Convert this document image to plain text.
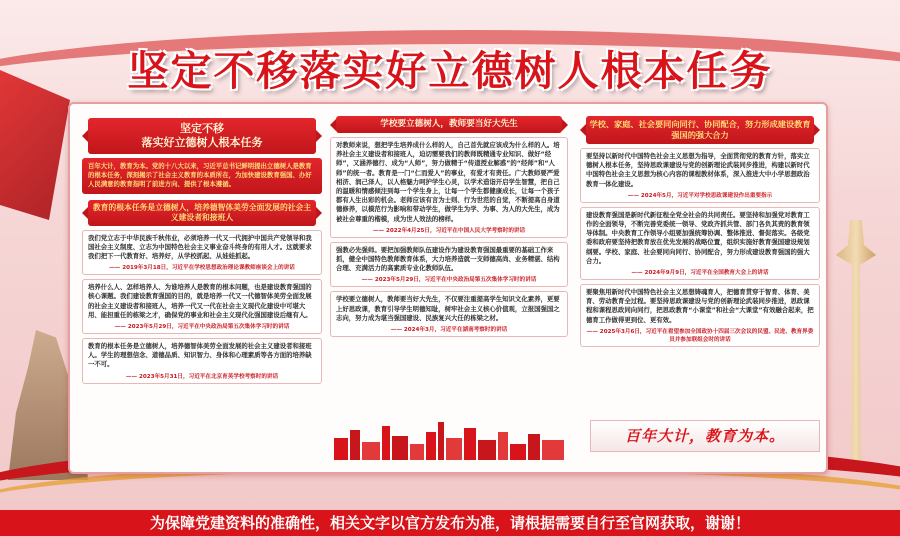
坚定不移落实好立德树人根本任务
坚定不移
落实好立德树人根本任务

百年大计，教育为本。党的十八大以来，习近平总书记鲜明提出立德树人是教育的根本任务，深刻揭示了社会主义教育的本质所在，为加快建设教育强国、办好人民满意的教育指明了前进方向、提供了根本遵循。

教育的根本任务是立德树人，培养德智体美劳全面发展的社会主义建设者和接班人

我们党立志于中华民族千秋伟业，必须培养一代又一代拥护中国共产党领导和我国社会主义制度、立志为中国特色社会主义事业奋斗终身的有用人才。这就要求我们把下一代教育好、培养好，从学校抓起、从娃娃抓起。

—— 2019年3月18日，习近平在学校思想政治理论课教师座谈会上的讲话

培养什么人、怎样培养人、为谁培养人是教育的根本问题，也是建设教育强国的核心课题。我们建设教育强国的目的，就是培养一代又一代德智体美劳全面发展的社会主义建设者和接班人，培养一代又一代在社会主义现代化建设中可堪大用、能担重任的栋梁之才，确保党的事业和社会主义现代化强国建设后继有人。

—— 2023年5月29日，习近平在中央政治局第五次集体学习时的讲话

教育的根本任务是立德树人，培养德智体美劳全面发展的社会主义建设者和接班人。学生的理想信念、道德品质、知识智力、身体和心理素质等各方面的培养缺一不可。

—— 2023年5月31日，习近平在北京育英学校考察时的讲话
学校要立德树人，教师要当好大先生

对教师来说，想把学生培养成什么样的人，自己首先就应该成为什么样的人。培养社会主义建设者和接班人，迫切需要我们的教师既精通专业知识、做好“经师”，又涵养德行、成为“人师”，努力做精于“传道授业解惑”的“经师”和“人师”的统一者。教育是一门“仁而爱人”的事业，有爱才有责任。广大教师要严爱相济、润己泽人，以人格魅力呵护学生心灵，以学术造诣开启学生智慧，把自己的温暖和情感倾注到每一个学生身上，让每一个学生都健康成长，让每一个孩子都有人生出彩的机会。老师应该有言为士则、行为世范的自觉，不断提高自身道德修养，以模范行为影响和带动学生，做学生为学、为事、为人的大先生，成为被社会尊重的楷模，成为世人效法的榜样。

—— 2022年4月25日，习近平在中国人民大学考察时的讲话

强教必先强师。要把加强教师队伍建设作为建设教育强国最重要的基础工作来抓，健全中国特色教师教育体系，大力培养造就一支师德高尚、业务精湛、结构合理、充满活力的高素质专业化教师队伍。

—— 2023年5月29日，习近平在中央政治局第五次集体学习时的讲话

学校要立德树人，教师要当好大先生，不仅要注重提高学生知识文化素养，更要上好思政课，教育引导学生明德知耻，树牢社会主义核心价值观，立报国强国之志向，努力成为堪当强国建设、民族复兴大任的栋梁之材。

—— 2024年3月，习近平在湖南考察时的讲话
学校、家庭、社会要同向同行、协同配合，努力形成建设教育强国的强大合力

要坚持以新时代中国特色社会主义思想为指导，全面贯彻党的教育方针，落实立德树人根本任务，坚持思政课建设与党的创新理论武装同步推进，构建以新时代中国特色社会主义思想为核心内容的课程教材体系，深入推进大中小学思想政治教育一体化建设。

—— 2024年5月，习近平对学校思政课建设作出重要指示

建设教育强国是新时代新征程全党全社会的共同责任。要坚持和加强党对教育工作的全面领导，不断完善党委统一领导、党政齐抓共管、部门各负其责的教育领导体制。中央教育工作领导小组要加强统筹协调、整体推进、督促落实。各级党委和政府要坚持把教育放在优先发展的战略位置，组织实施好教育强国建设规划纲要。学校、家庭、社会要同向同行、协同配合，努力形成建设教育强国的强大合力。

—— 2024年9月9日，习近平在全国教育大会上的讲话

要聚焦用新时代中国特色社会主义思想铸魂育人，把德育贯穿于智育、体育、美育、劳动教育全过程。要坚持思政课建设与党的创新理论武装同步推进，思政课程和课程思政同向同行，把思政教育“小课堂”和社会“大课堂”有效融合起来，把德育工作做得更到位、更有效。

—— 2025年3月6日，习近平在看望参加全国政协十四届三次会议的民盟、民进、教育界委员并参加联组会时的讲话
百年大计，教育为本。
为保障党建资料的准确性，相关文字以官方发布为准，请根据需要自行至官网获取，谢谢！
